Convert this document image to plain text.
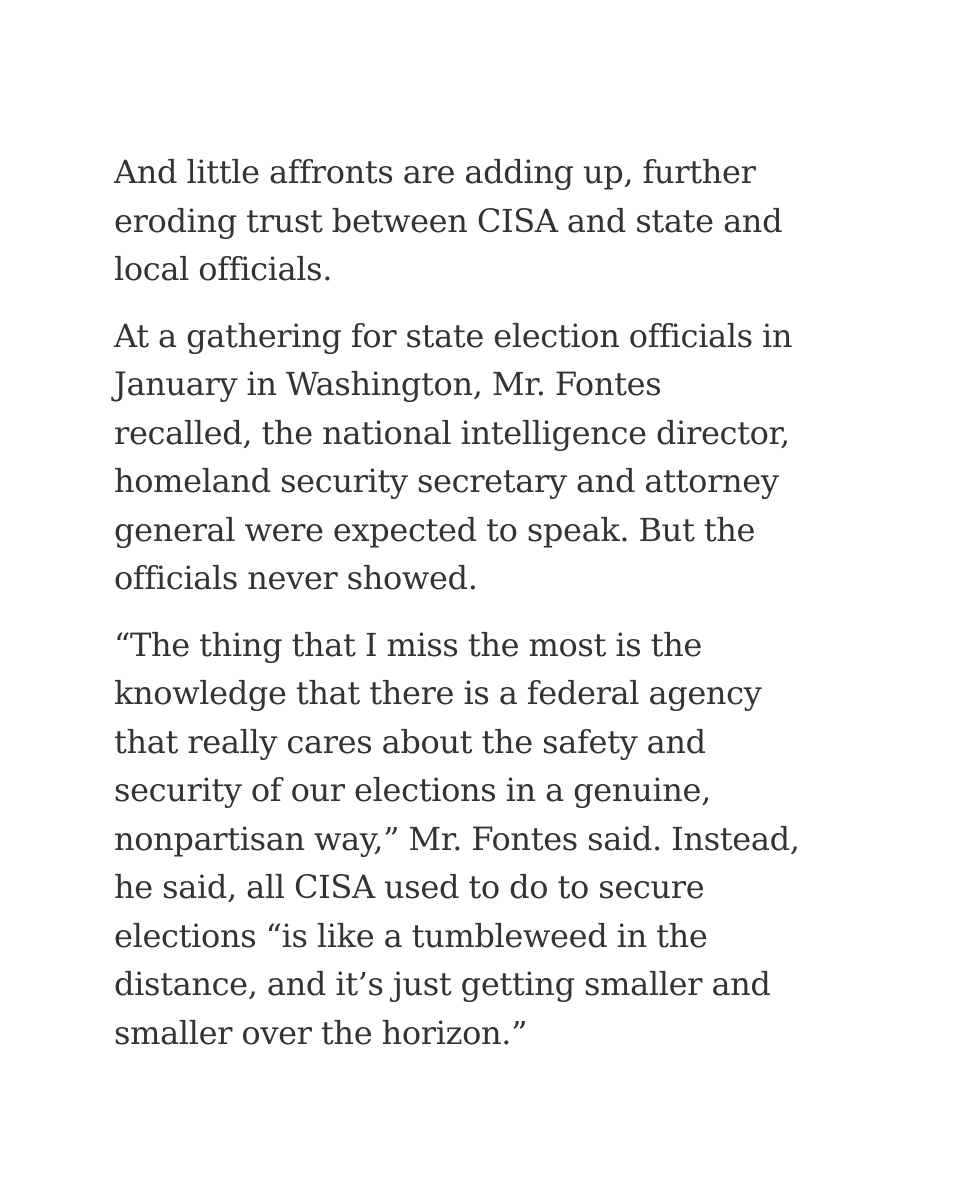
And little affronts are adding up, further
eroding trust between CISA and state and
local officials.

At a gathering for state election officials in
January in Washington, Mr. Fontes
recalled, the national intelligence director,
homeland security secretary and attorney
general were expected to speak. But the
officials never showed.

“The thing that I miss the most is the
knowledge that there is a federal agency
that really cares about the safety and
security of our elections in a genuine,
nonpartisan way,” Mr. Fontes said. Instead,
he said, all CISA used to do to secure
elections “is like a tumbleweed in the
distance, and it’s just getting smaller and
smaller over the horizon.”
